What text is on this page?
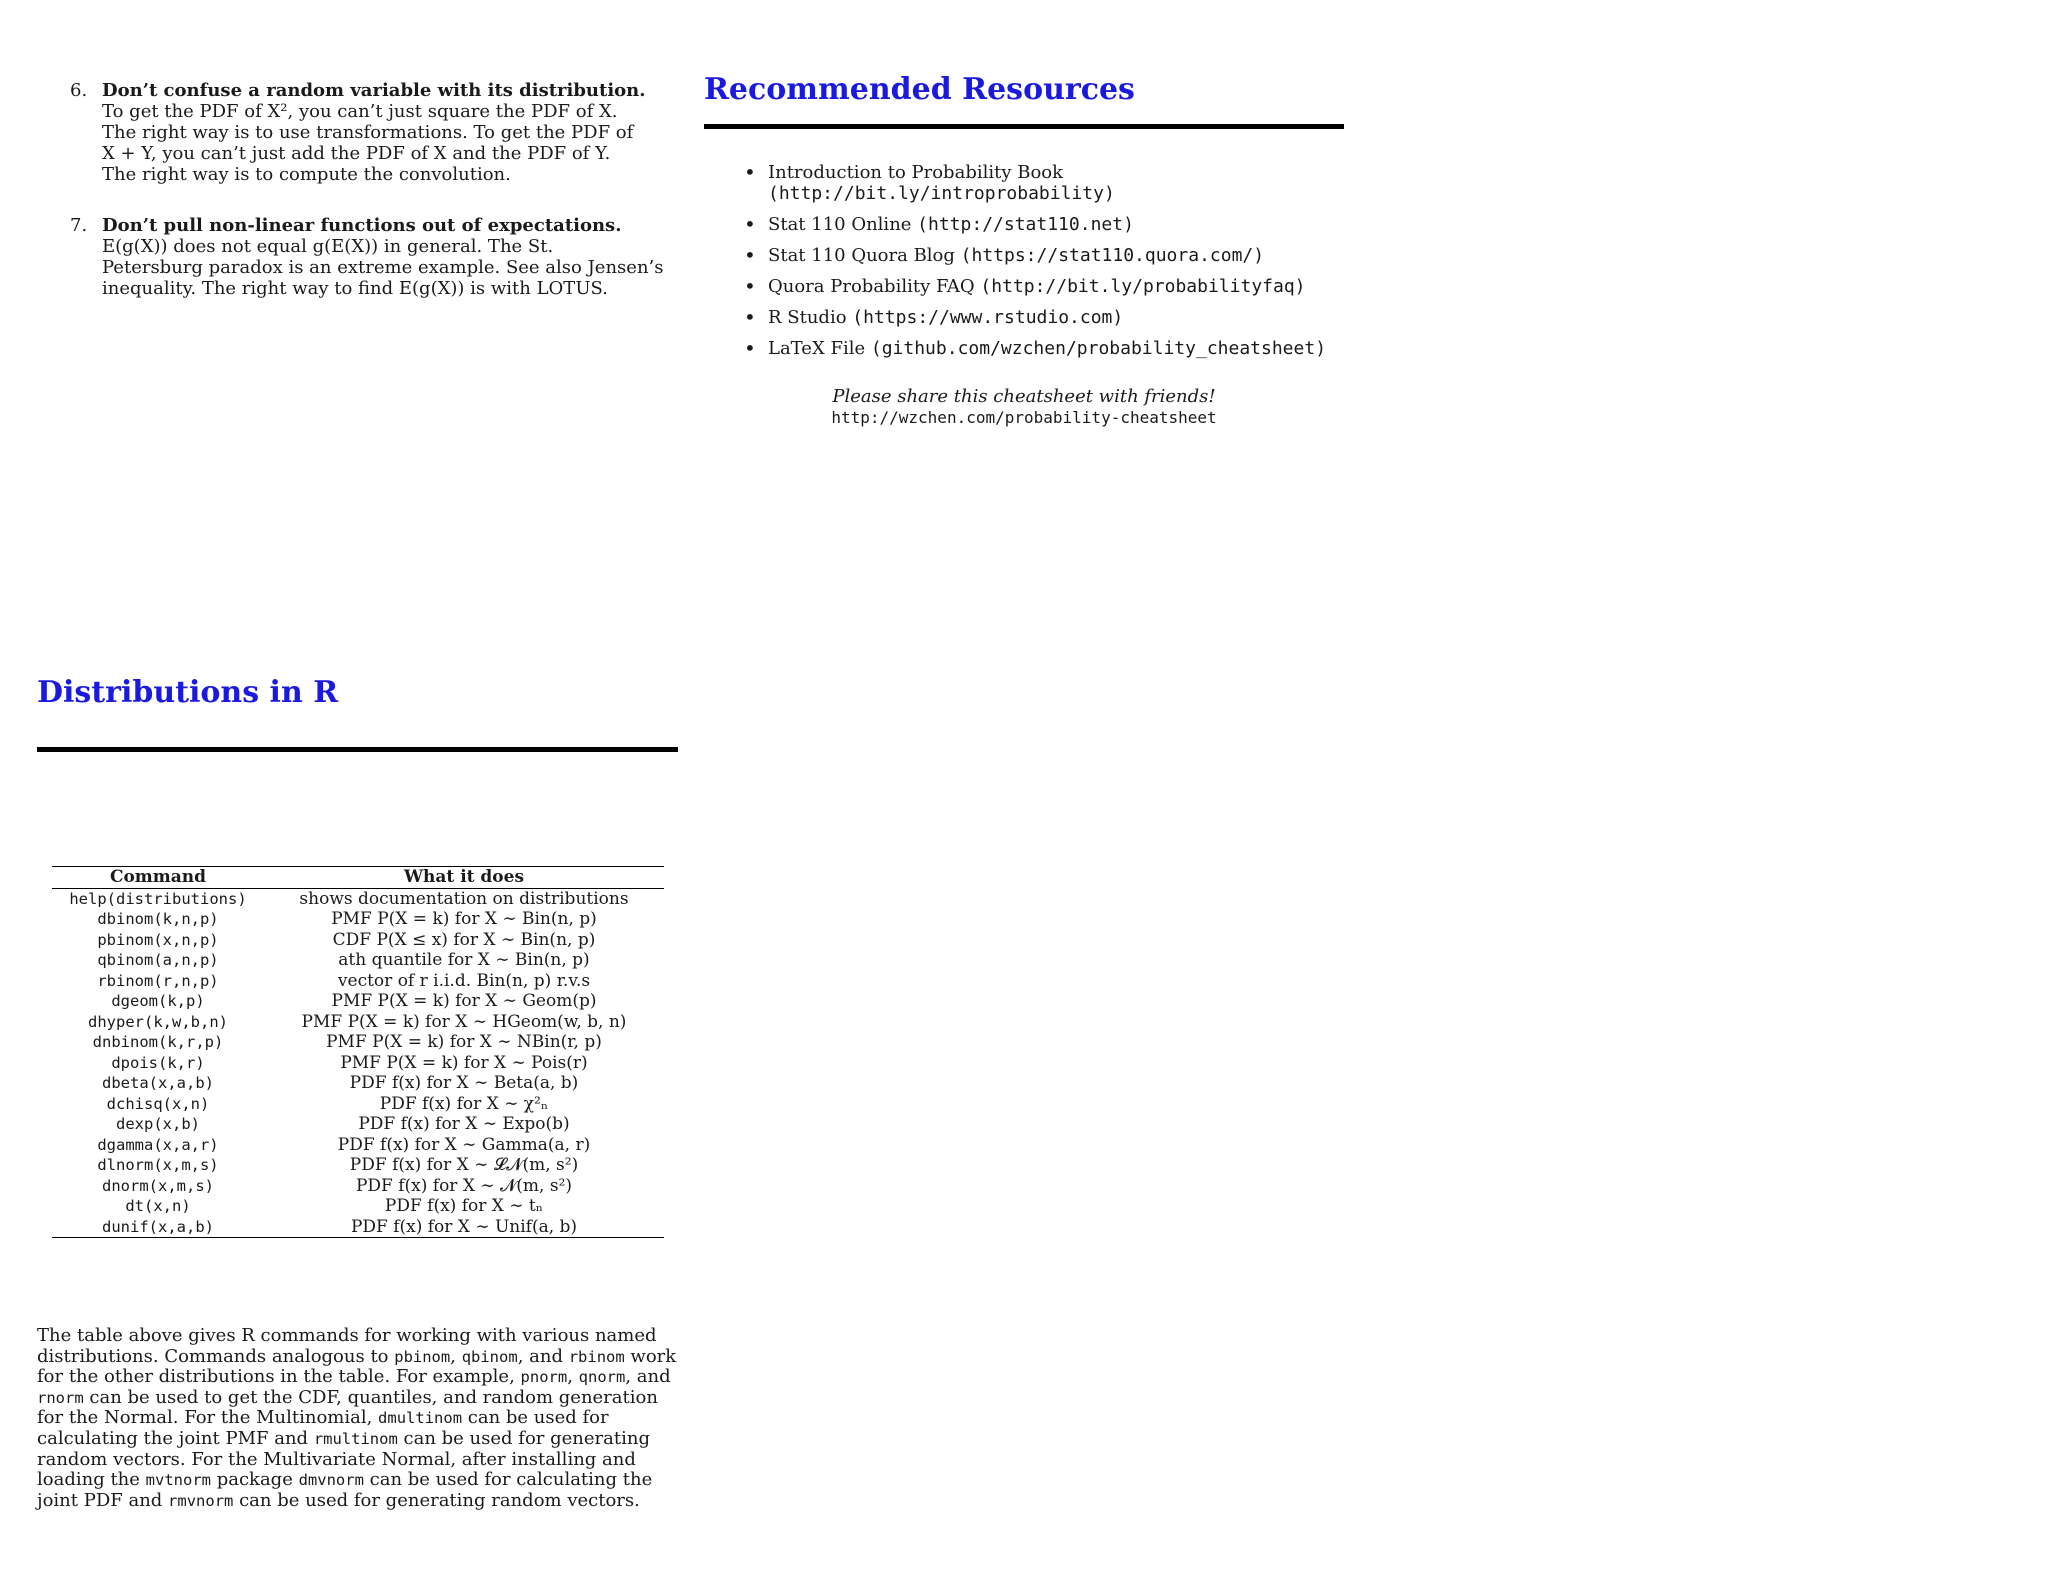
6. Don’t confuse a random variable with its distribution.
To get the PDF of X², you can’t just square the PDF of X.
The right way is to use transformations. To get the PDF of
X + Y, you can’t just add the PDF of X and the PDF of Y.
The right way is to compute the convolution.
7. Don’t pull non-linear functions out of expectations.
E(g(X)) does not equal g(E(X)) in general. The St.
Petersburg paradox is an extreme example. See also Jensen’s
inequality. The right way to find E(g(X)) is with LOTUS.
Recommended Resources
• Introduction to Probability Book
(http://bit.ly/introprobability)
• Stat 110 Online (http://stat110.net)
• Stat 110 Quora Blog (https://stat110.quora.com/)
• Quora Probability FAQ (http://bit.ly/probabilityfaq)
• R Studio (https://www.rstudio.com)
• LaTeX File (github.com/wzchen/probability_cheatsheet)
Please share this cheatsheet with friends!
http://wzchen.com/probability-cheatsheet
Distributions in R
Command	What it does
help(distributions)	shows documentation on distributions
dbinom(k,n,p)	PMF P(X = k) for X ∼ Bin(n, p)
pbinom(x,n,p)	CDF P(X ≤ x) for X ∼ Bin(n, p)
qbinom(a,n,p)	ath quantile for X ∼ Bin(n, p)
rbinom(r,n,p)	vector of r i.i.d. Bin(n, p) r.v.s
dgeom(k,p)	PMF P(X = k) for X ∼ Geom(p)
dhyper(k,w,b,n)	PMF P(X = k) for X ∼ HGeom(w, b, n)
dnbinom(k,r,p)	PMF P(X = k) for X ∼ NBin(r, p)
dpois(k,r)	PMF P(X = k) for X ∼ Pois(r)
dbeta(x,a,b)	PDF f(x) for X ∼ Beta(a, b)
dchisq(x,n)	PDF f(x) for X ∼ χ²ₙ
dexp(x,b)	PDF f(x) for X ∼ Expo(b)
dgamma(x,a,r)	PDF f(x) for X ∼ Gamma(a, r)
dlnorm(x,m,s)	PDF f(x) for X ∼ 𝓛𝓝(m, s²)
dnorm(x,m,s)	PDF f(x) for X ∼ 𝓝(m, s²)
dt(x,n)	PDF f(x) for X ∼ tₙ
dunif(x,a,b)	PDF f(x) for X ∼ Unif(a, b)

The table above gives R commands for working with various named distributions. Commands analogous to pbinom, qbinom, and rbinom work for the other distributions in the table. For example, pnorm, qnorm, and rnorm can be used to get the CDF, quantiles, and random generation for the Normal. For the Multinomial, dmultinom can be used for calculating the joint PMF and rmultinom can be used for generating random vectors. For the Multivariate Normal, after installing and loading the mvtnorm package dmvnorm can be used for calculating the joint PDF and rmvnorm can be used for generating random vectors.
